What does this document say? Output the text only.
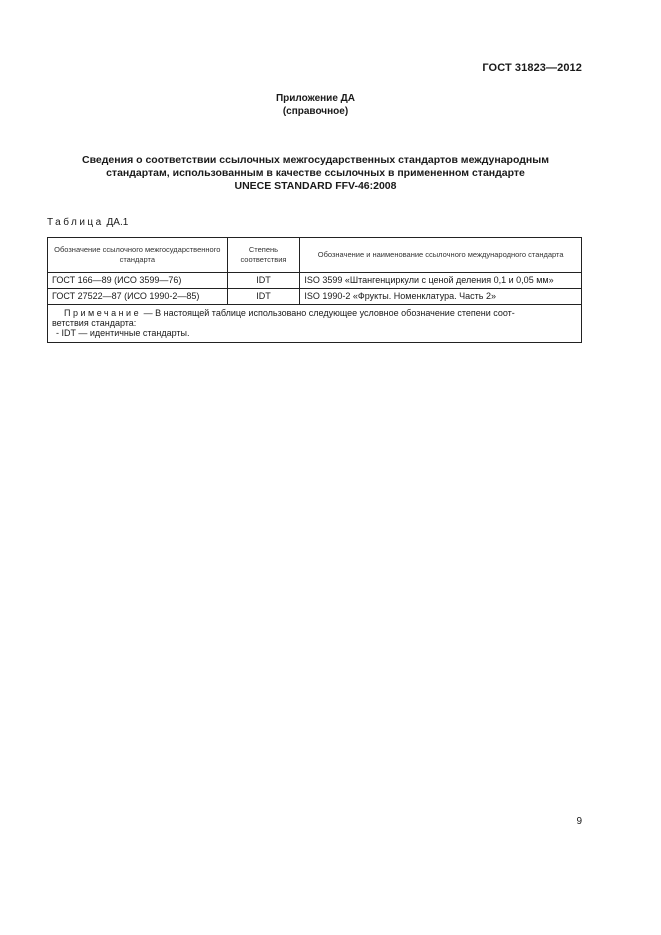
ГОСТ 31823—2012
Приложение ДА
(справочное)
Сведения о соответствии ссылочных межгосударственных стандартов международным
стандартам, использованным в качестве ссылочных в примененном стандарте
UNECE STANDARD FFV-46:2008
Таблица ДА.1
Обозначение ссылочного межгосударственного стандарта	Степень соответствия	Обозначение и наименование ссылочного международного стандарта
ГОСТ 166—89 (ИСО 3599—76)	IDT	ISO 3599 «Штангенциркули с ценой деления 0,1 и 0,05 мм»
ГОСТ 27522—87 (ИСО 1990-2—85)	IDT	ISO 1990-2 «Фрукты. Номенклатура. Часть 2»

Примечание — В настоящей таблице использовано следующее условное обозначение степени соот-
ветствия стандарта:
- IDT — идентичные стандарты.		
9
